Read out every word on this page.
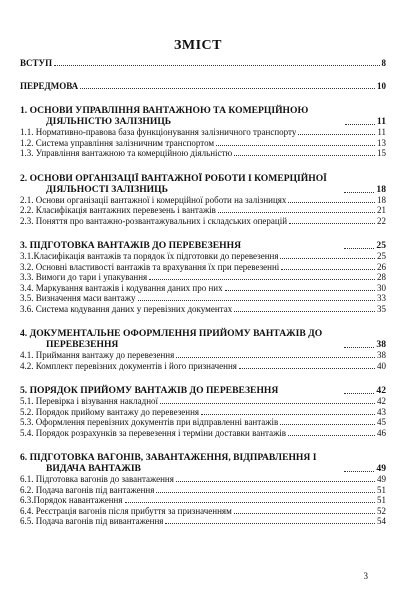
ЗМІСТ
ВСТУП	8
ПЕРЕДМОВА	10
1. ОСНОВИ УПРАВЛІННЯ ВАНТАЖНОЮ ТА КОМЕРЦІЙНОЮ
ДІЯЛЬНІСТЮ ЗАЛІЗНИЦЬ	11
1.1. Нормативно-правова база функціонування залізничного транспорту	11
1.2. Система управління залізничним транспортом	13
1.3. Управління вантажною та комерційною діяльністю	15
2. ОСНОВИ ОРГАНІЗАЦІЇ ВАНТАЖНОЇ РОБОТИ І КОМЕРЦІЙНОЇ
ДІЯЛЬНОСТІ ЗАЛІЗНИЦЬ	18
2.1. Основи організації вантажної і комерційної роботи на залізницях	18
2.2. Класифікація вантажних перевезень і вантажів	21
2.3. Поняття про вантажно-розвантажувальних і складських операцій	22
3. ПІДГОТОВКА ВАНТАЖІВ ДО ПЕРЕВЕЗЕННЯ	25
3.1.Класифікація вантажів та порядок їх підготовки до перевезення	25
3.2. Основні властивості вантажів та врахування їх при перевезенні	26
3.3. Вимоги до тари і упакування	28
3.4. Маркування вантажів і кодування даних про них	30
3.5. Визначення маси вантажу	33
3.6. Система кодування даних у перевізних документах	35
4. ДОКУМЕНТАЛЬНЕ ОФОРМЛЕННЯ ПРИЙОМУ ВАНТАЖІВ ДО
ПЕРЕВЕЗЕННЯ	38
4.1. Приймання вантажу до перевезення	38
4.2. Комплект перевізних документів і його призначення	40
5. ПОРЯДОК ПРИЙОМУ ВАНТАЖІВ ДО ПЕРЕВЕЗЕННЯ	42
5.1. Перевірка і візування накладної	42
5.2. Порядок прийому вантажу до перевезення	43
5.3. Оформлення перевізних документів при відправленні вантажів	45
5.4. Порядок розрахунків за перевезення і терміни доставки вантажів	46
6. ПІДГОТОВКА ВАГОНІВ, ЗАВАНТАЖЕННЯ, ВІДПРАВЛЕННЯ І
ВИДАЧА ВАНТАЖІВ	49
6.1. Підготовка вагонів до завантаження	49
6.2. Подача вагонів під вантаження	51
6.3.Порядок навантаження	51
6.4. Реєстрація вагонів після прибуття за призначенням	52
6.5. Подача вагонів під вивантаження	54
3
